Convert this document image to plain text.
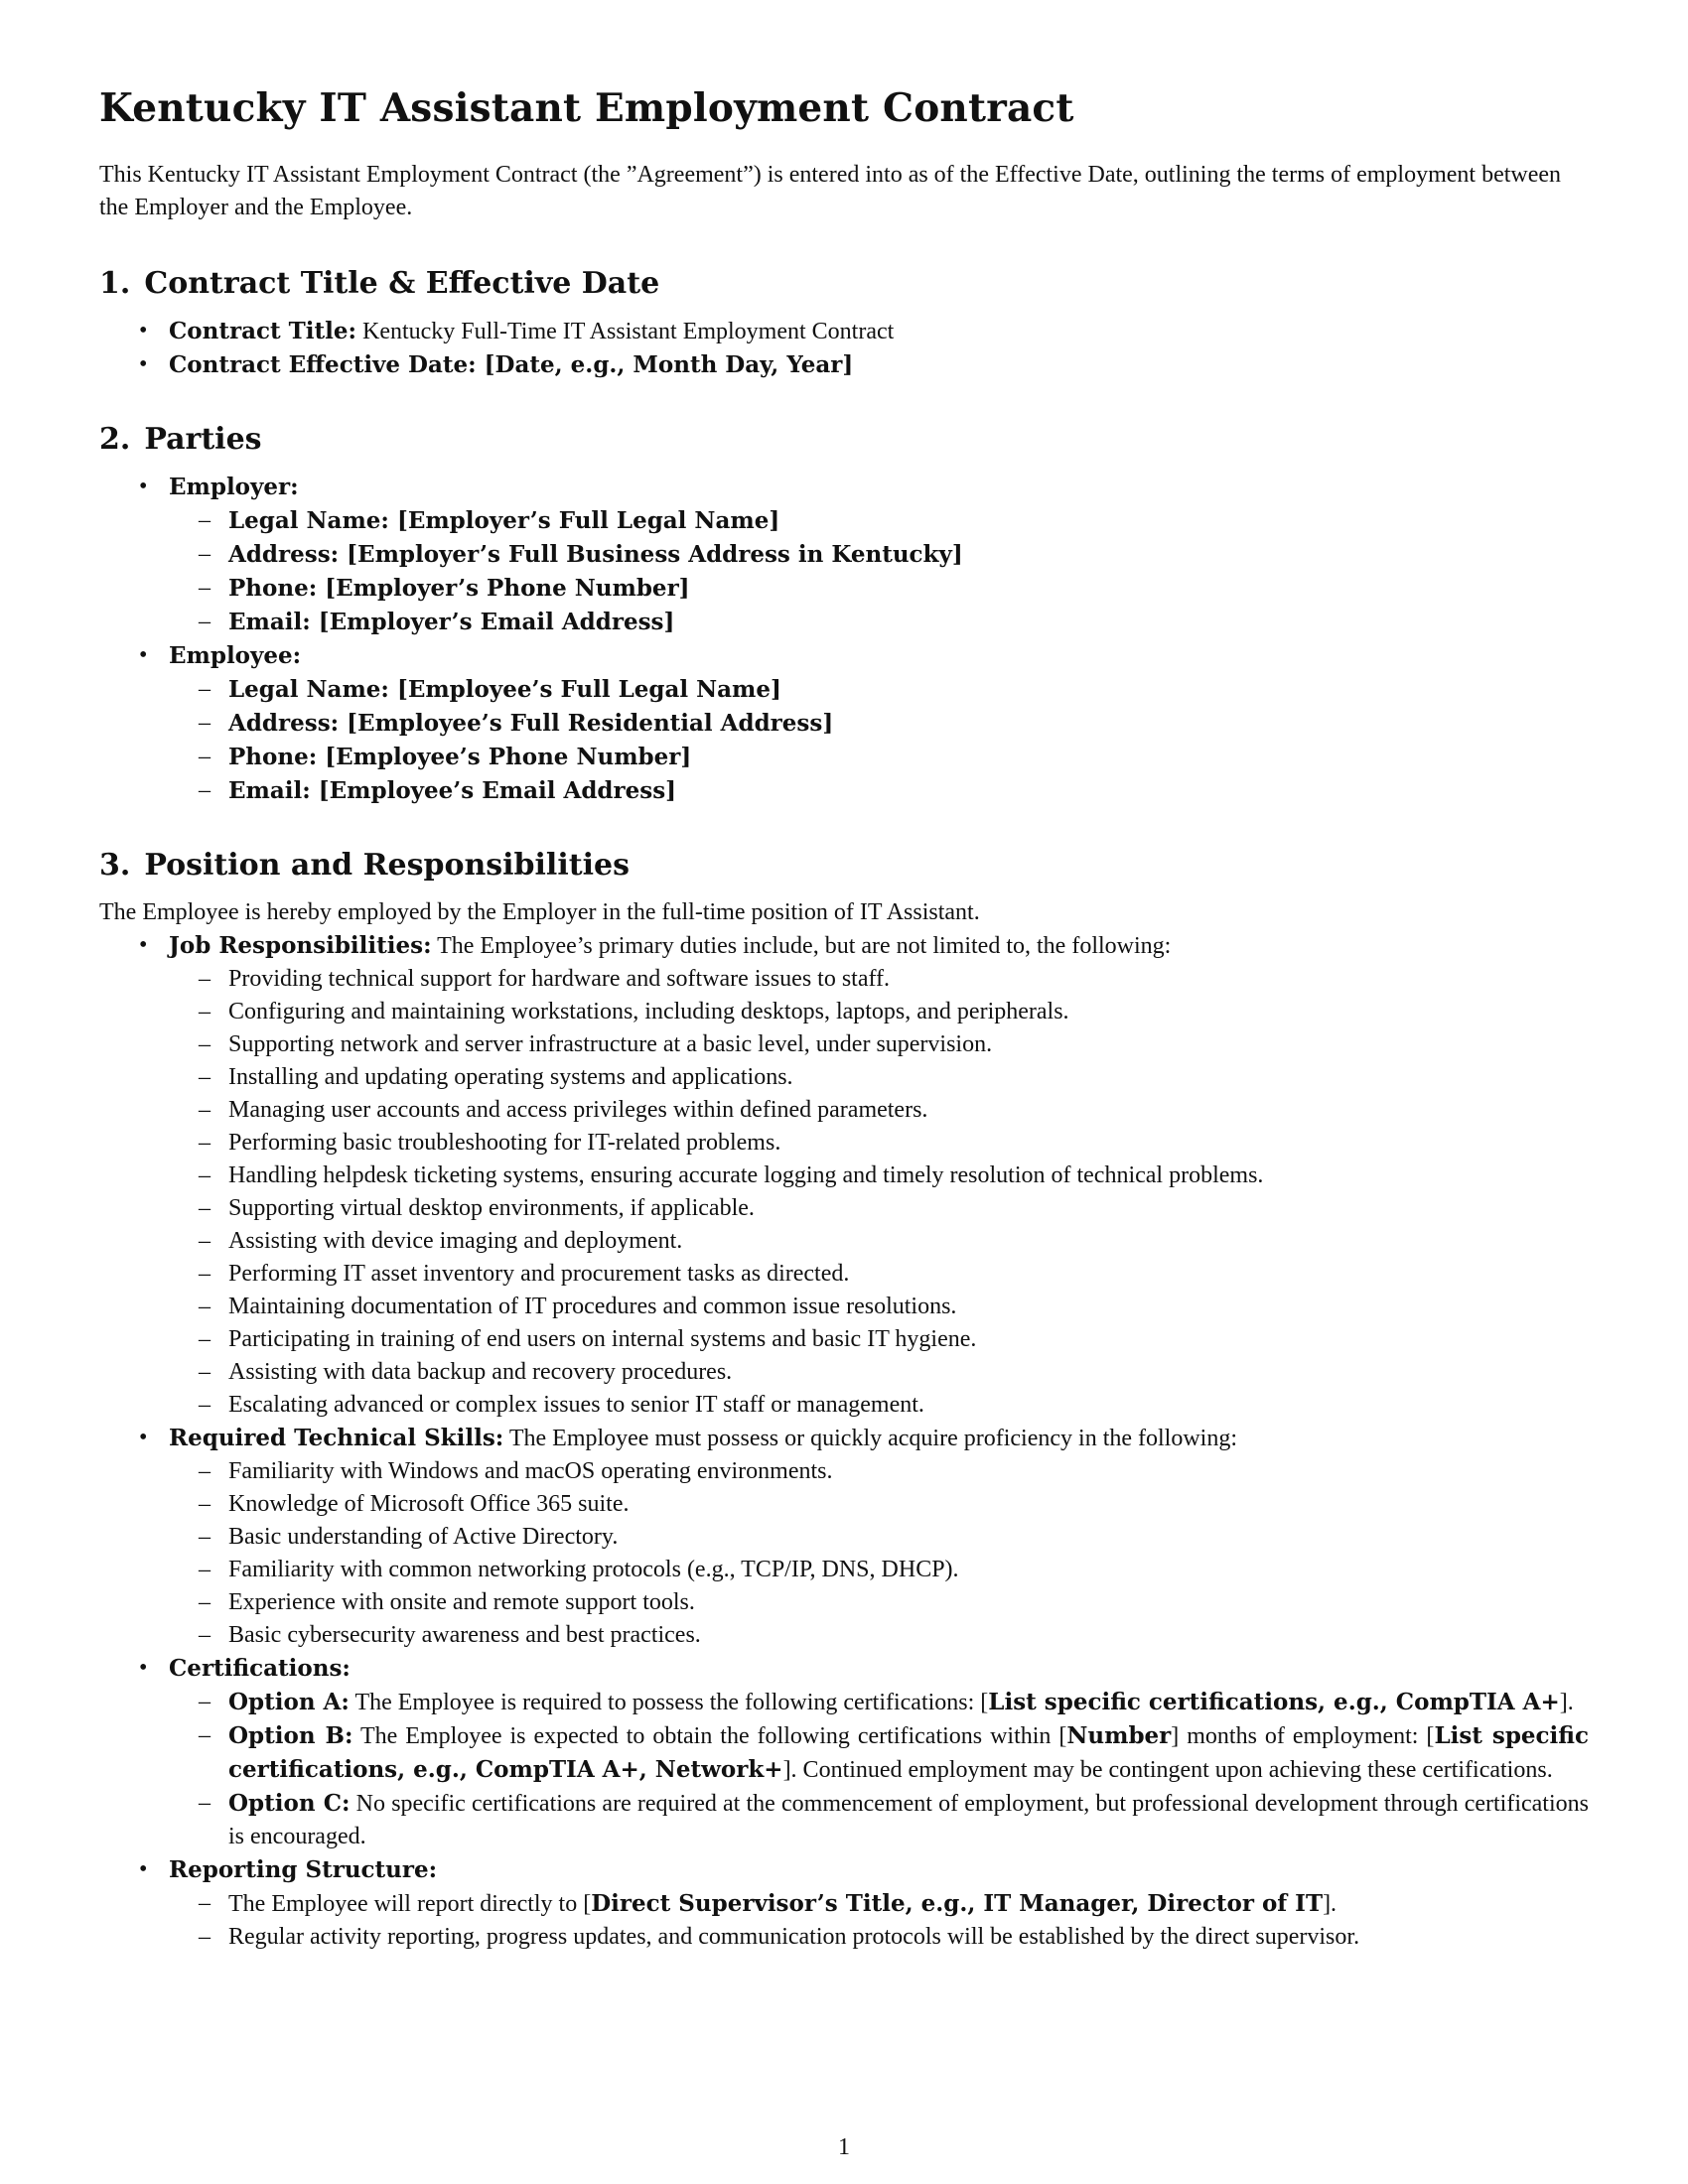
Kentucky IT Assistant Employment Contract

This Kentucky IT Assistant Employment Contract (the ”Agreement”) is entered into as of the Effective Date, outlining the terms of employment between the Employer and the Employee.

1. Contract Title & Effective Date
• Contract Title: Kentucky Full-Time IT Assistant Employment Contract
• Contract Effective Date: [Date, e.g., Month Day, Year]
2. Parties
• Employer:
– Legal Name: [Employer’s Full Legal Name]
– Address: [Employer’s Full Business Address in Kentucky]
– Phone: [Employer’s Phone Number]
– Email: [Employer’s Email Address]
• Employee:
– Legal Name: [Employee’s Full Legal Name]
– Address: [Employee’s Full Residential Address]
– Phone: [Employee’s Phone Number]
– Email: [Employee’s Email Address]
3. Position and Responsibilities

The Employee is hereby employed by the Employer in the full-time position of IT Assistant.

• Job Responsibilities: The Employee’s primary duties include, but are not limited to, the following:
– Providing technical support for hardware and software issues to staff.
– Configuring and maintaining workstations, including desktops, laptops, and peripherals.
– Supporting network and server infrastructure at a basic level, under supervision.
– Installing and updating operating systems and applications.
– Managing user accounts and access privileges within defined parameters.
– Performing basic troubleshooting for IT-related problems.
– Handling helpdesk ticketing systems, ensuring accurate logging and timely resolution of technical problems.
– Supporting virtual desktop environments, if applicable.
– Assisting with device imaging and deployment.
– Performing IT asset inventory and procurement tasks as directed.
– Maintaining documentation of IT procedures and common issue resolutions.
– Participating in training of end users on internal systems and basic IT hygiene.
– Assisting with data backup and recovery procedures.
– Escalating advanced or complex issues to senior IT staff or management.
• Required Technical Skills: The Employee must possess or quickly acquire proficiency in the following:
– Familiarity with Windows and macOS operating environments.
– Knowledge of Microsoft Office 365 suite.
– Basic understanding of Active Directory.
– Familiarity with common networking protocols (e.g., TCP/IP, DNS, DHCP).
– Experience with onsite and remote support tools.
– Basic cybersecurity awareness and best practices.
• Certifications:
– Option A: The Employee is required to possess the following certifications: [List specific certifications, e.g., CompTIA A+].
– Option B: The Employee is expected to obtain the following certifications within [Number] months of employment: [List specific certifications, e.g., CompTIA A+, Network+]. Continued employment may be contingent upon achieving these certifications.
– Option C: No specific certifications are required at the commencement of employment, but professional development through certifications is encouraged.
• Reporting Structure:
– The Employee will report directly to [Direct Supervisor’s Title, e.g., IT Manager, Director of IT].
– Regular activity reporting, progress updates, and communication protocols will be established by the direct supervisor.
1
